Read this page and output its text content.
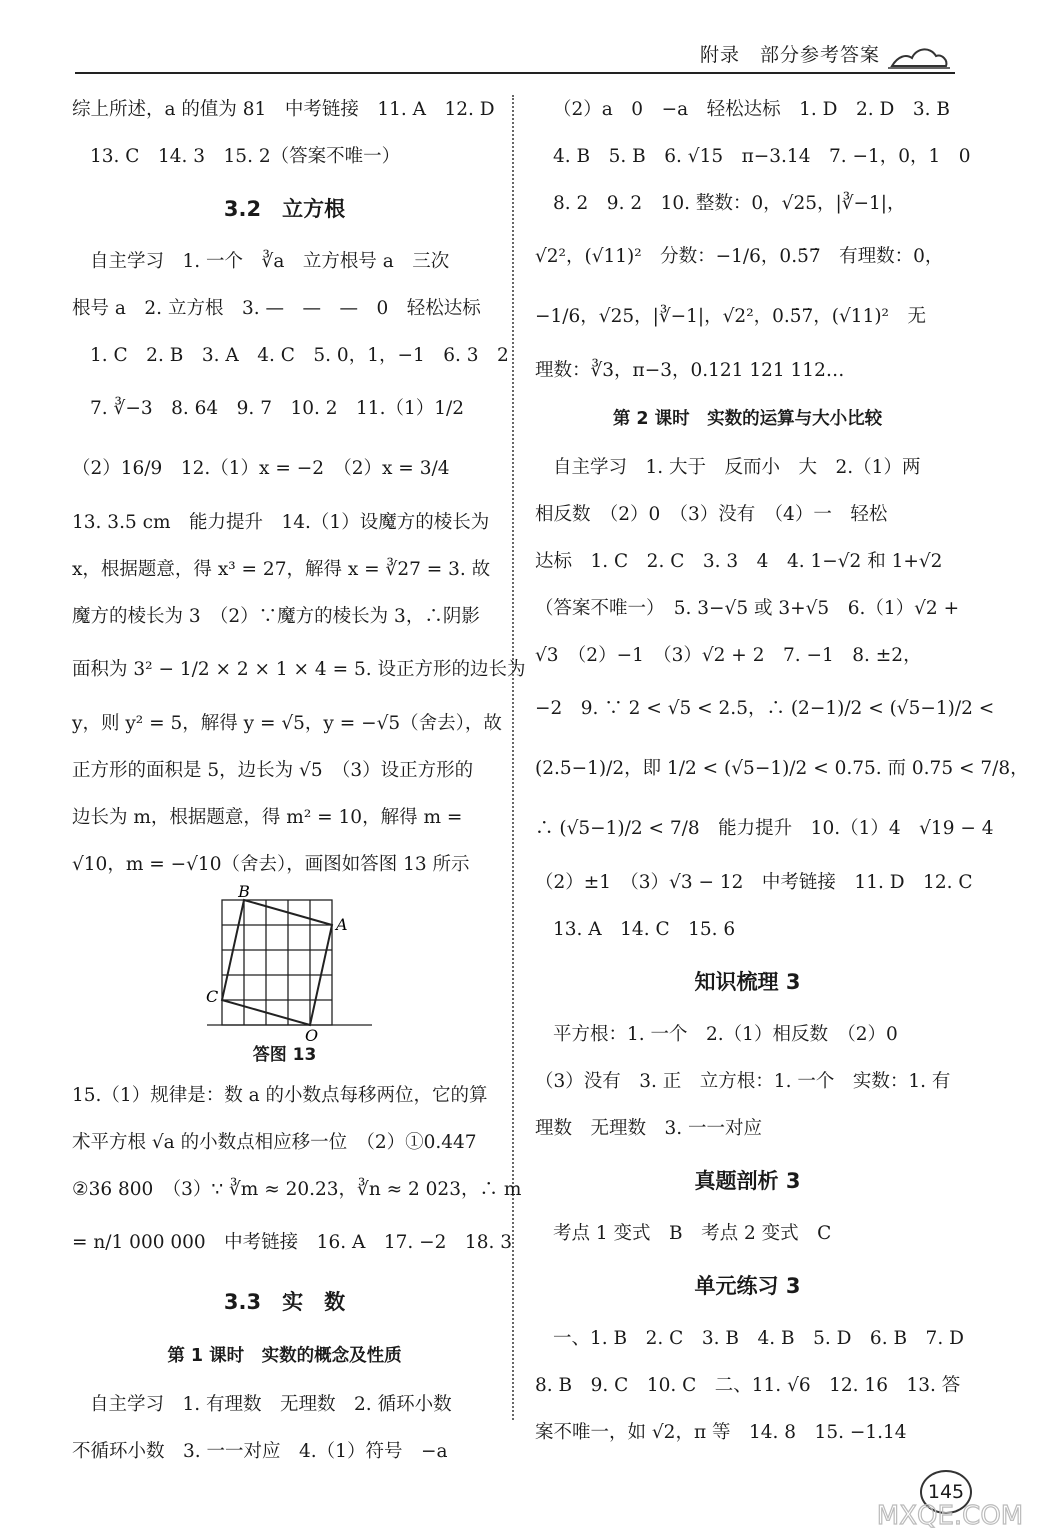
附录　部分参考答案
综上所述，a 的值为 81　中考链接　11. A　12. D
13. C　14. 3　15. 2（答案不唯一）
3.2　立方根
自主学习　1. 一个　∛a　立方根号 a　三次
根号 a　2. 立方根　3. —　—　—　0　轻松达标
1. C　2. B　3. A　4. C　5. 0，1，−1　6. 3　2
7. ∛−3　8. 64　9. 7　10. 2　11.（1）1/2
（2）16/9　12.（1）x = −2　（2）x = 3/4
13. 3.5 cm　能力提升　14.（1）设魔方的棱长为
x，根据题意，得 x³ = 27，解得 x = ∛27 = 3. 故
魔方的棱长为 3　（2）∵魔方的棱长为 3，∴阴影
面积为 3² − 1/2 × 2 × 1 × 4 = 5. 设正方形的边长为
y，则 y² = 5，解得 y = √5，y = −√5（舍去），故
正方形的面积是 5，边长为 √5　（3）设正方形的
边长为 m，根据题意，得 m² = 10，解得 m =
√10，m = −√10（舍去），画图如答图 13 所示
B
A
C
O
答图 13
15.（1）规律是：数 a 的小数点每移两位，它的算
术平方根 √a 的小数点相应移一位　（2）①0.447
②36 800　（3）∵ ∛m ≈ 20.23，∛n ≈ 2 023，∴ m
= n/1 000 000　中考链接　16. A　17. −2　18. 3
3.3　实　数
第 1 课时　实数的概念及性质
自主学习　1. 有理数　无理数　2. 循环小数
不循环小数　3. 一一对应　4.（1）符号　−a
（2）a　0　−a　轻松达标　1. D　2. D　3. B
4. B　5. B　6. √15　π−3.14　7. −1，0，1　0
8. 2　9. 2　10. 整数：0，√25，|∛−1|，
√2²，(√11)²　分数：−1/6，0.5̇7̇　有理数：0，
−1/6，√25，|∛−1|，√2²，0.5̇7̇，(√11)²　无
理数：∛3，π−3，0.121 121 112…
第 2 课时　实数的运算与大小比较
自主学习　1. 大于　反而小　大　2.（1）两
相反数　（2）0　（3）没有　（4）一　轻松
达标　1. C　2. C　3. 3　4　4. 1−√2 和 1+√2
（答案不唯一）　5. 3−√5 或 3+√5　6.（1）√2 +
√3　（2）−1　（3）√2 + 2　7. −1　8. ±2，
−2　9. ∵ 2 < √5 < 2.5，∴ (2−1)/2 < (√5−1)/2 <
(2.5−1)/2，即 1/2 < (√5−1)/2 < 0.75. 而 0.75 < 7/8，
∴ (√5−1)/2 < 7/8　能力提升　10.（1）4　√19 − 4
（2）±1　（3）√3 − 12　中考链接　11. D　12. C
13. A　14. C　15. 6
知识梳理 3
平方根：1. 一个　2.（1）相反数　（2）0
（3）没有　3. 正　立方根：1. 一个　实数：1. 有
理数　无理数　3. 一一对应
真题剖析 3
考点 1 变式　B　考点 2 变式　C
单元练习 3
一、1. B　2. C　3. B　4. B　5. D　6. B　7. D
8. B　9. C　10. C　二、11. √6　12. 16　13. 答
案不唯一，如 √2，π 等　14. 8　15. −1.14
145
MXQE.COM
